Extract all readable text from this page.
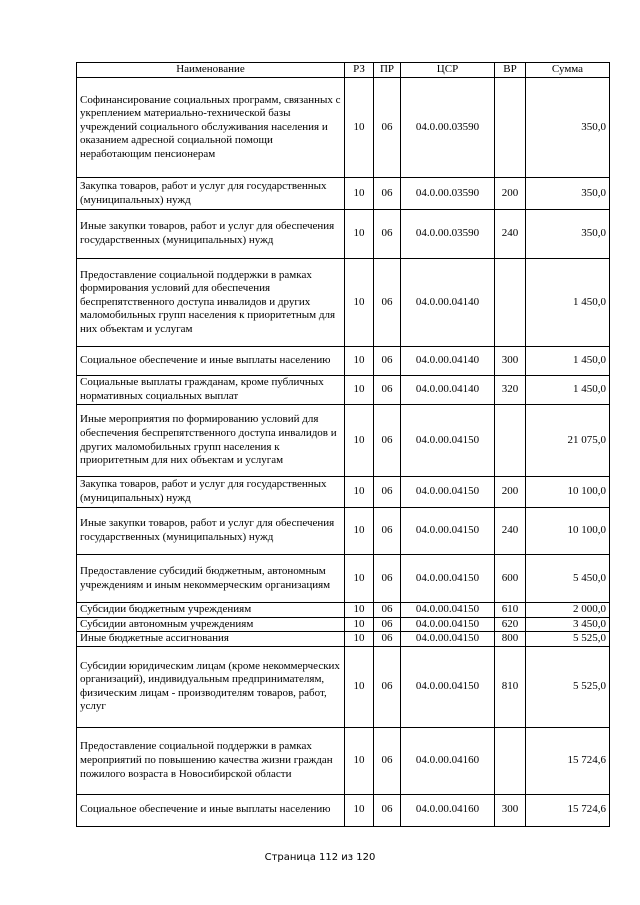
Наименование	РЗ	ПР	ЦСР	ВР	Сумма
Софинансирование социальных программ, связанных с укреплением материально-технической базы учреждений социального обслуживания населения и оказанием адресной социальной помощи неработающим пенсионерам	10	06	04.0.00.03590		350,0
Закупка товаров, работ и услуг для государственных (муниципальных) нужд	10	06	04.0.00.03590	200	350,0
Иные закупки товаров, работ и услуг для обеспечения государственных (муниципальных) нужд	10	06	04.0.00.03590	240	350,0
Предоставление социальной поддержки в рамках формирования условий для обеспечения беспрепятственного доступа инвалидов и других маломобильных групп населения к приоритетным для них объектам и услугам	10	06	04.0.00.04140		1 450,0
Социальное обеспечение и иные выплаты населению	10	06	04.0.00.04140	300	1 450,0
Социальные выплаты гражданам, кроме публичных нормативных социальных выплат	10	06	04.0.00.04140	320	1 450,0
Иные мероприятия по формированию условий для обеспечения беспрепятственного доступа инвалидов и других маломобильных групп населения к приоритетным для них объектам и услугам	10	06	04.0.00.04150		21 075,0
Закупка товаров, работ и услуг для государственных (муниципальных) нужд	10	06	04.0.00.04150	200	10 100,0
Иные закупки товаров, работ и услуг для обеспечения государственных (муниципальных) нужд	10	06	04.0.00.04150	240	10 100,0
Предоставление субсидий бюджетным, автономным учреждениям и иным некоммерческим организациям	10	06	04.0.00.04150	600	5 450,0
Субсидии бюджетным учреждениям	10	06	04.0.00.04150	610	2 000,0
Субсидии автономным учреждениям	10	06	04.0.00.04150	620	3 450,0
Иные бюджетные ассигнования	10	06	04.0.00.04150	800	5 525,0
Субсидии юридическим лицам (кроме некоммерческих организаций), индивидуальным предпринимателям, физическим лицам - производителям товаров, работ, услуг	10	06	04.0.00.04150	810	5 525,0
Предоставление социальной поддержки в рамках мероприятий по повышению качества жизни граждан пожилого возраста в Новосибирской области	10	06	04.0.00.04160		15 724,6
Социальное обеспечение и иные выплаты населению	10	06	04.0.00.04160	300	15 724,6
Страница 112 из 120
